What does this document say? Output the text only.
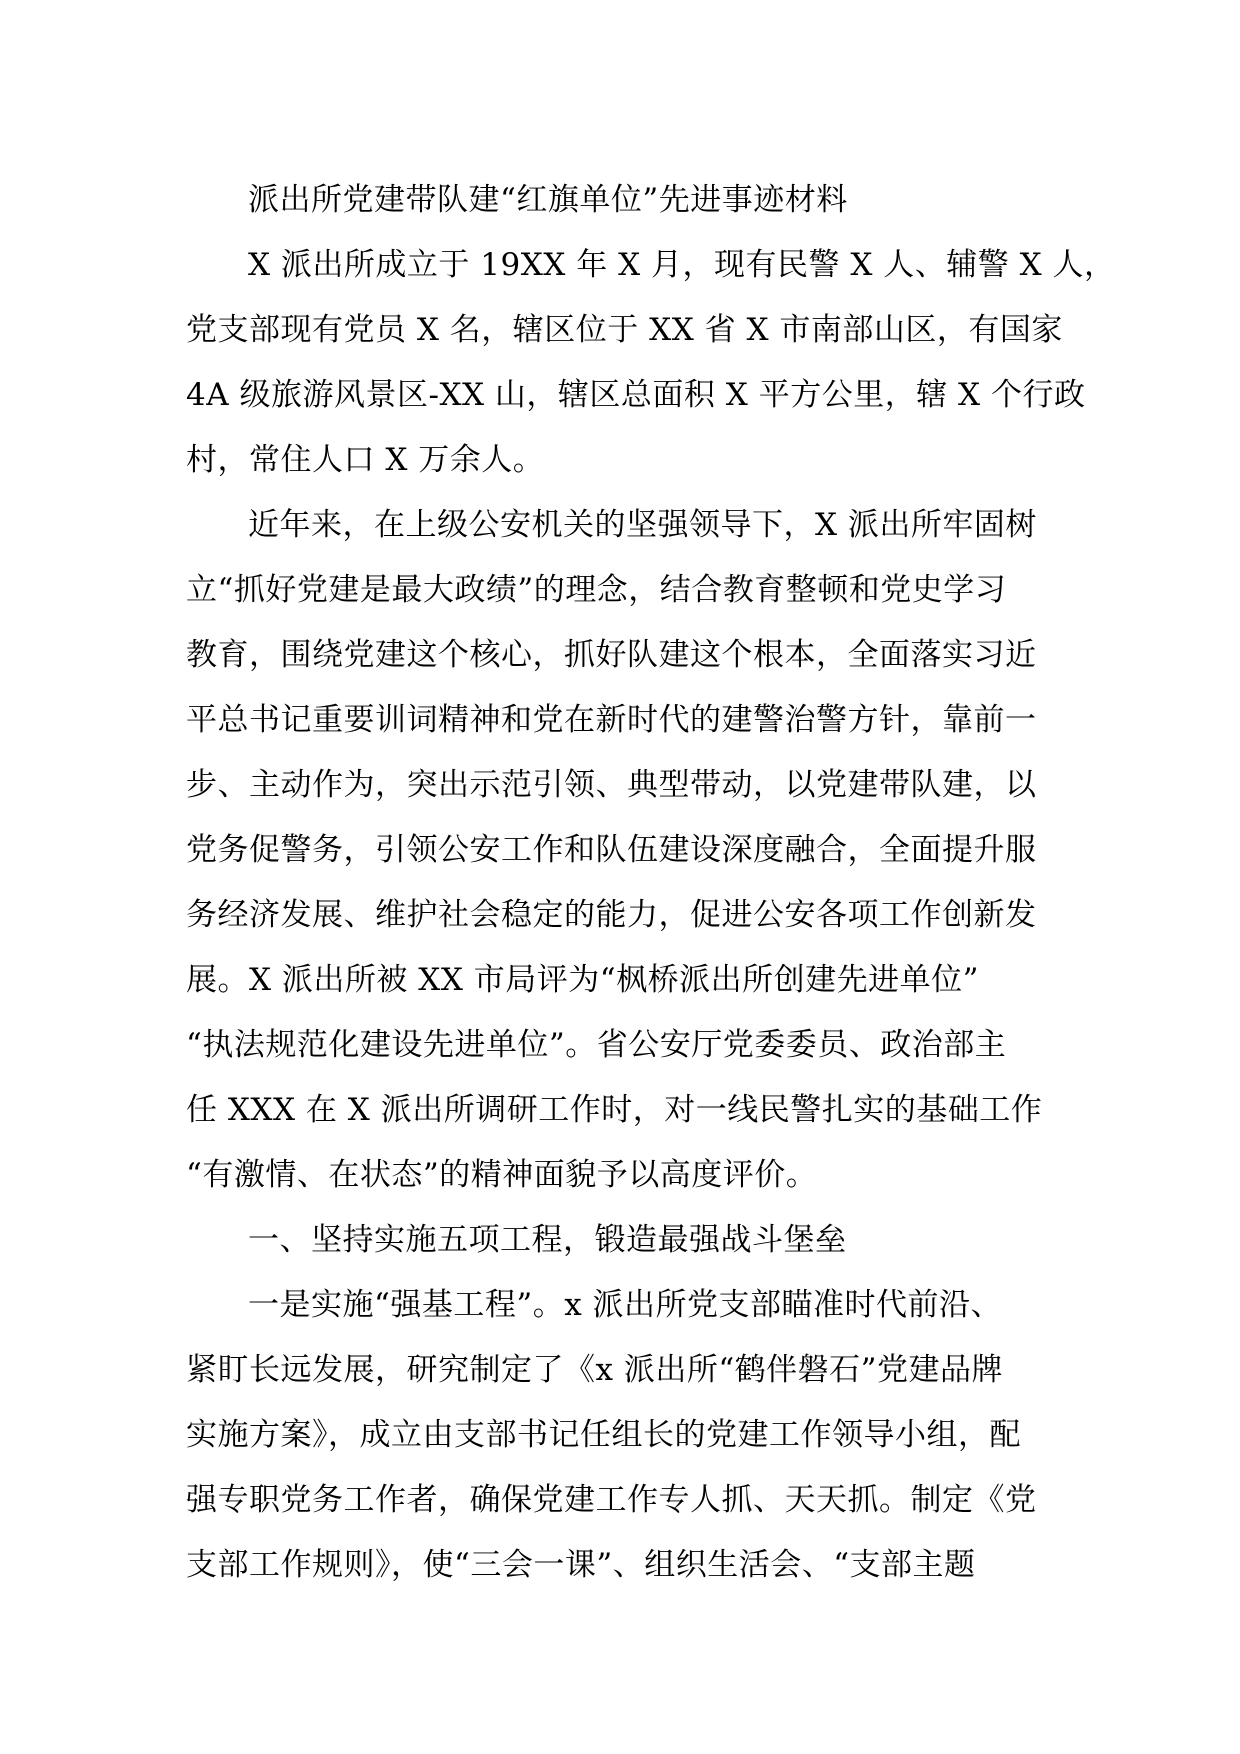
派出所党建带队建“红旗单位”先进事迹材料
X 派出所成立于 19XX 年 X 月，现有民警 X 人、辅警 X 人，
党支部现有党员 X 名，辖区位于 XX 省 X 市南部山区，有国家
4A 级旅游风景区-XX 山，辖区总面积 X 平方公里，辖 X 个行政
村，常住人口 X 万余人。
近年来，在上级公安机关的坚强领导下，X 派出所牢固树
立“抓好党建是最大政绩”的理念，结合教育整顿和党史学习
教育，围绕党建这个核心，抓好队建这个根本，全面落实习近
平总书记重要训词精神和党在新时代的建警治警方针，靠前一
步、主动作为，突出示范引领、典型带动，以党建带队建，以
党务促警务，引领公安工作和队伍建设深度融合，全面提升服
务经济发展、维护社会稳定的能力，促进公安各项工作创新发
展。X 派出所被 XX 市局评为“枫桥派出所创建先进单位”
“执法规范化建设先进单位”。省公安厅党委委员、政治部主
任 XXX 在 X 派出所调研工作时，对一线民警扎实的基础工作
“有激情、在状态”的精神面貌予以高度评价。
一、坚持实施五项工程，锻造最强战斗堡垒
一是实施“强基工程”。x 派出所党支部瞄准时代前沿、
紧盯长远发展，研究制定了《x 派出所“鹤伴磐石”党建品牌
实施方案》，成立由支部书记任组长的党建工作领导小组，配
强专职党务工作者，确保党建工作专人抓、天天抓。制定《党
支部工作规则》，使“三会一课”、组织生活会、“支部主题
